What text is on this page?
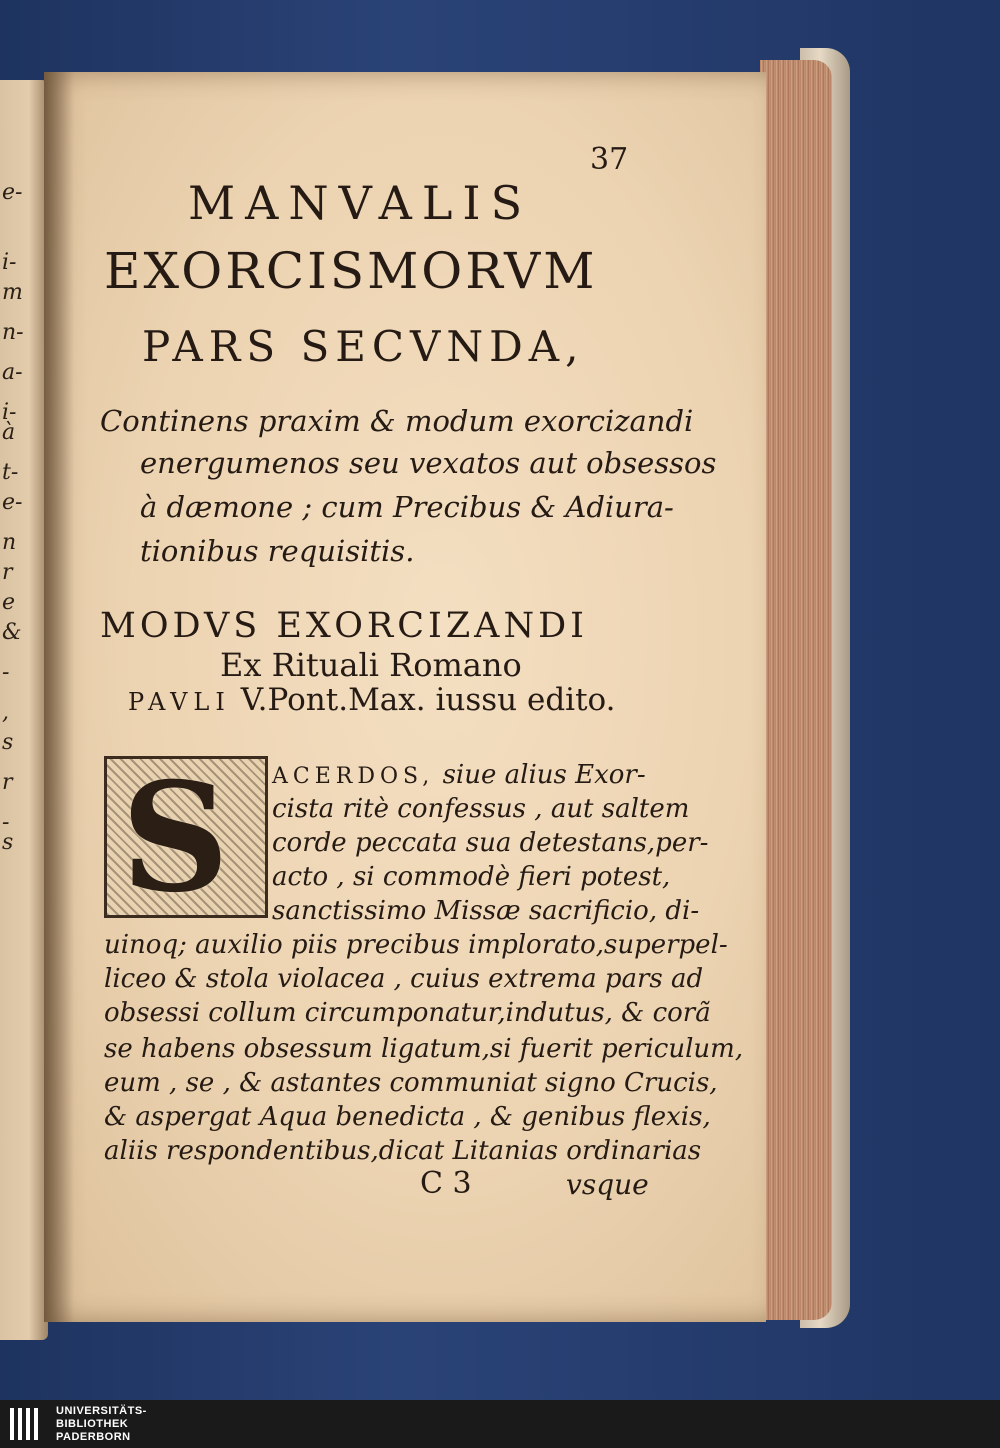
e-
i-
m
n-
a-
i-
à
t-
e-
n
r
e
&
-
,
s
r
-
s
37
MANVALIS
EXORCISMORVM
PARS SECVNDA,
Continens praxim & modum exorcizandi
energumenos seu vexatos aut obsessos
à dæmone ; cum Precibus & Adiura-
tionibus requisitis.
MODVS EXORCIZANDI
Ex Rituali Romano
PAVLI V.Pont.Max. iussu edito.
S ACERDOS, siue alius Exor-
cista ritè confessus , aut saltem
corde peccata sua detestans,per-
acto , si commodè fieri potest,
sanctissimo Missæ sacrificio, di-
uinoq; auxilio piis precibus implorato,superpel-
liceo & stola violacea , cuius extrema pars ad
obsessi collum circumponatur,indutus, & corã
se habens obsessum ligatum,si fuerit periculum,
eum , se , & astantes communiat signo Crucis,
& aspergat Aqua benedicta , & genibus flexis,
aliis respondentibus,dicat Litanias ordinarias
C 3	vsque
UNIVERSITÄTS-
BIBLIOTHEK
PADERBORN
